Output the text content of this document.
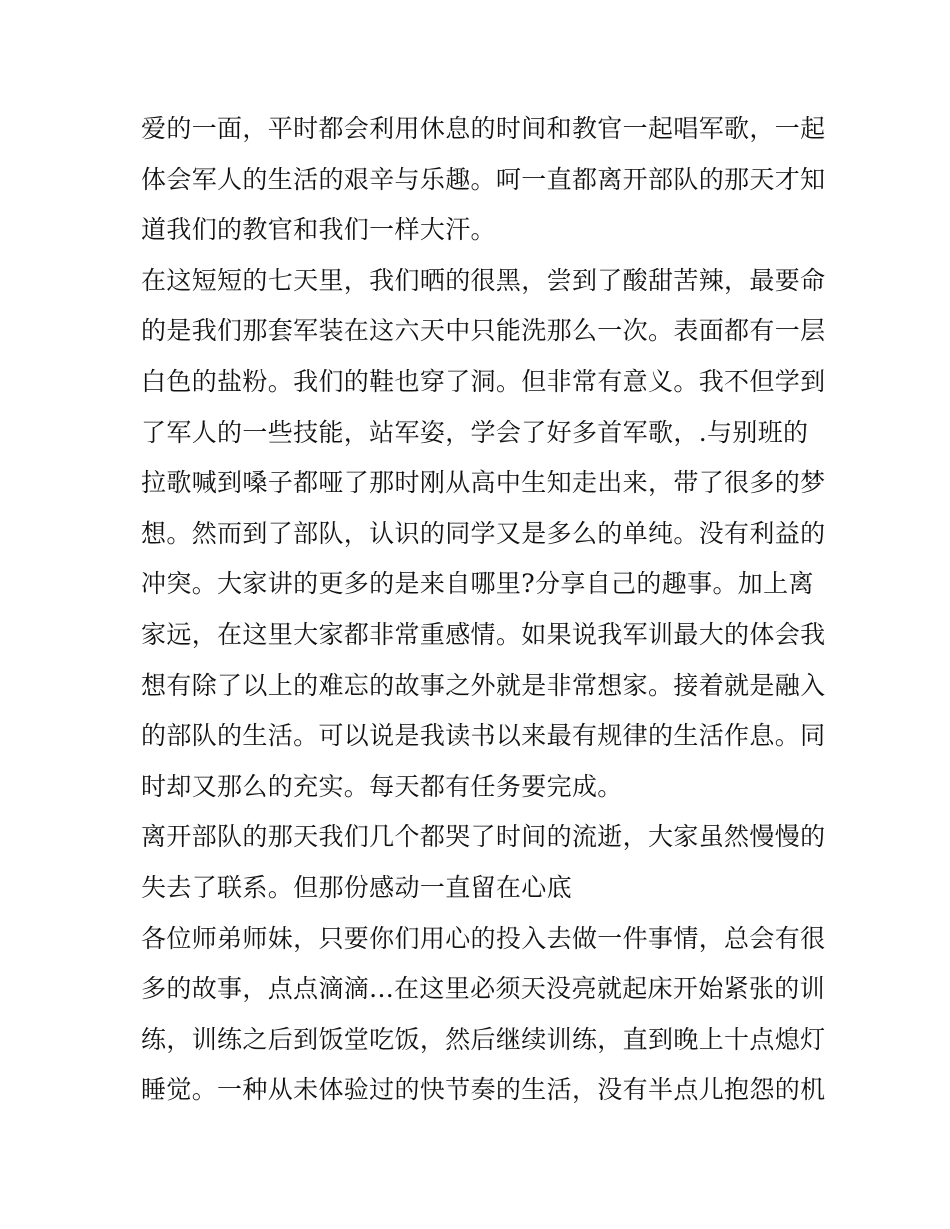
爱的一面，平时都会利用休息的时间和教官一起唱军歌，一起
体会军人的生活的艰辛与乐趣。呵一直都离开部队的那天才知
道我们的教官和我们一样大汗。
在这短短的七天里，我们晒的很黑，尝到了酸甜苦辣，最要命
的是我们那套军装在这六天中只能洗那么一次。表面都有一层
白色的盐粉。我们的鞋也穿了洞。但非常有意义。我不但学到
了军人的一些技能，站军姿，学会了好多首军歌，.与别班的
拉歌喊到嗓子都哑了那时刚从高中生知走出来，带了很多的梦
想。然而到了部队，认识的同学又是多么的单纯。没有利益的
冲突。大家讲的更多的是来自哪里?分享自己的趣事。加上离
家远，在这里大家都非常重感情。如果说我军训最大的体会我
想有除了以上的难忘的故事之外就是非常想家。接着就是融入
的部队的生活。可以说是我读书以来最有规律的生活作息。同
时却又那么的充实。每天都有任务要完成。
离开部队的那天我们几个都哭了时间的流逝，大家虽然慢慢的
失去了联系。但那份感动一直留在心底
各位师弟师妹，只要你们用心的投入去做一件事情，总会有很
多的故事，点点滴滴...在这里必须天没亮就起床开始紧张的训
练，训练之后到饭堂吃饭，然后继续训练，直到晚上十点熄灯
睡觉。一种从未体验过的快节奏的生活，没有半点儿抱怨的机
